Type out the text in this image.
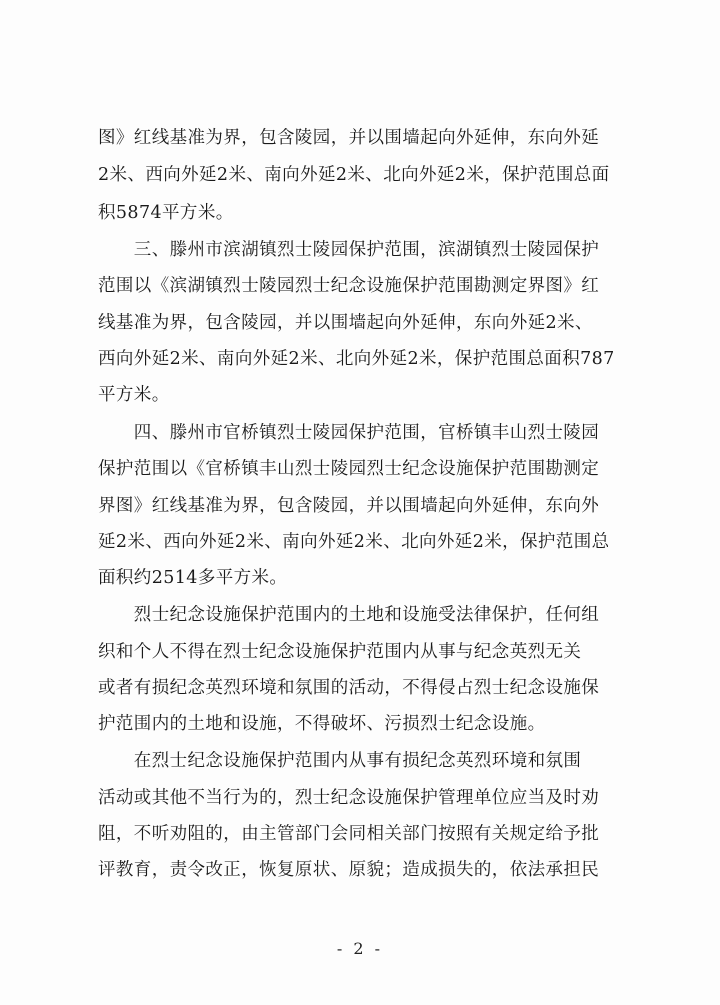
图》红线基准为界，包含陵园，并以围墙起向外延伸，东向外延
2米、西向外延2米、南向外延2米、北向外延2米，保护范围总面
积5874平方米。
　　三、滕州市滨湖镇烈士陵园保护范围，滨湖镇烈士陵园保护
范围以《滨湖镇烈士陵园烈士纪念设施保护范围勘测定界图》红
线基准为界，包含陵园，并以围墙起向外延伸，东向外延2米、
西向外延2米、南向外延2米、北向外延2米，保护范围总面积787
平方米。
　　四、滕州市官桥镇烈士陵园保护范围，官桥镇丰山烈士陵园
保护范围以《官桥镇丰山烈士陵园烈士纪念设施保护范围勘测定
界图》红线基准为界，包含陵园，并以围墙起向外延伸，东向外
延2米、西向外延2米、南向外延2米、北向外延2米，保护范围总
面积约2514多平方米。
　　烈士纪念设施保护范围内的土地和设施受法律保护，任何组
织和个人不得在烈士纪念设施保护范围内从事与纪念英烈无关
或者有损纪念英烈环境和氛围的活动，不得侵占烈士纪念设施保
护范围内的土地和设施，不得破坏、污损烈士纪念设施。
　　在烈士纪念设施保护范围内从事有损纪念英烈环境和氛围
活动或其他不当行为的，烈士纪念设施保护管理单位应当及时劝
阻，不听劝阻的，由主管部门会同相关部门按照有关规定给予批
评教育，责令改正，恢复原状、原貌；造成损失的，依法承担民
- 2 -
